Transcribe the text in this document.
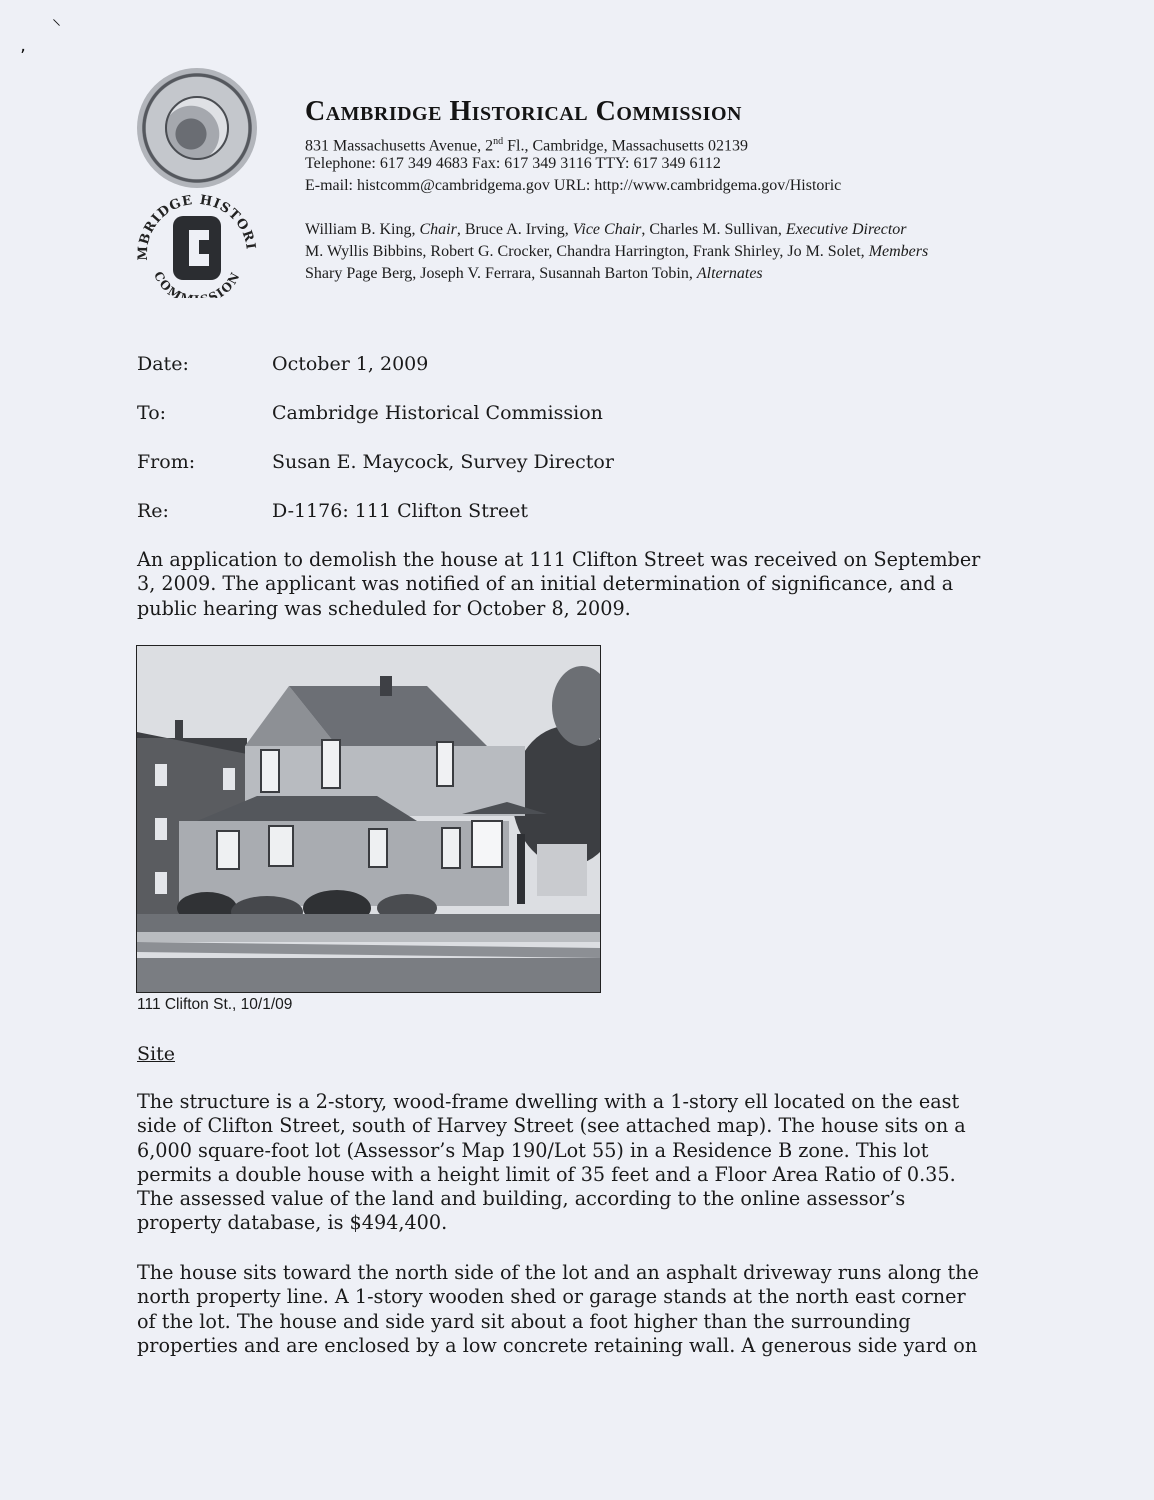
⸌
ʼ
MBRIDGE HISTORI
COM SION
Cambridge Historical Commission
831 Massachusetts Avenue, 2nd Fl., Cambridge, Massachusetts 02139
Telephone: 617 349 4683 Fax: 617 349 3116 TTY: 617 349 6112
E-mail: histcomm@cambridgema.gov URL: http://www.cambridgema.gov/Historic
William B. King, Chair, Bruce A. Irving, Vice Chair, Charles M. Sullivan, Executive Director
M. Wyllis Bibbins, Robert G. Crocker, Chandra Harrington, Frank Shirley, Jo M. Solet, Members
Shary Page Berg, Joseph V. Ferrara, Susannah Barton Tobin, Alternates
Date:	October 1, 2009
To:	Cambridge Historical Commission
From:	Susan E. Maycock, Survey Director
Re:	D-1176: 111 Clifton Street
An application to demolish the house at 111 Clifton Street was received on September
3, 2009. The applicant was notified of an initial determination of significance, and a
public hearing was scheduled for October 8, 2009.
111 Clifton St., 10/1/09
Site
The structure is a 2-story, wood-frame dwelling with a 1-story ell located on the east
side of Clifton Street, south of Harvey Street (see attached map). The house sits on a
6,000 square-foot lot (Assessor’s Map 190/Lot 55) in a Residence B zone. This lot
permits a double house with a height limit of 35 feet and a Floor Area Ratio of 0.35.
The assessed value of the land and building, according to the online assessor’s
property database, is $494,400.
The house sits toward the north side of the lot and an asphalt driveway runs along the
north property line. A 1-story wooden shed or garage stands at the north east corner
of the lot. The house and side yard sit about a foot higher than the surrounding
properties and are enclosed by a low concrete retaining wall. A generous side yard on
